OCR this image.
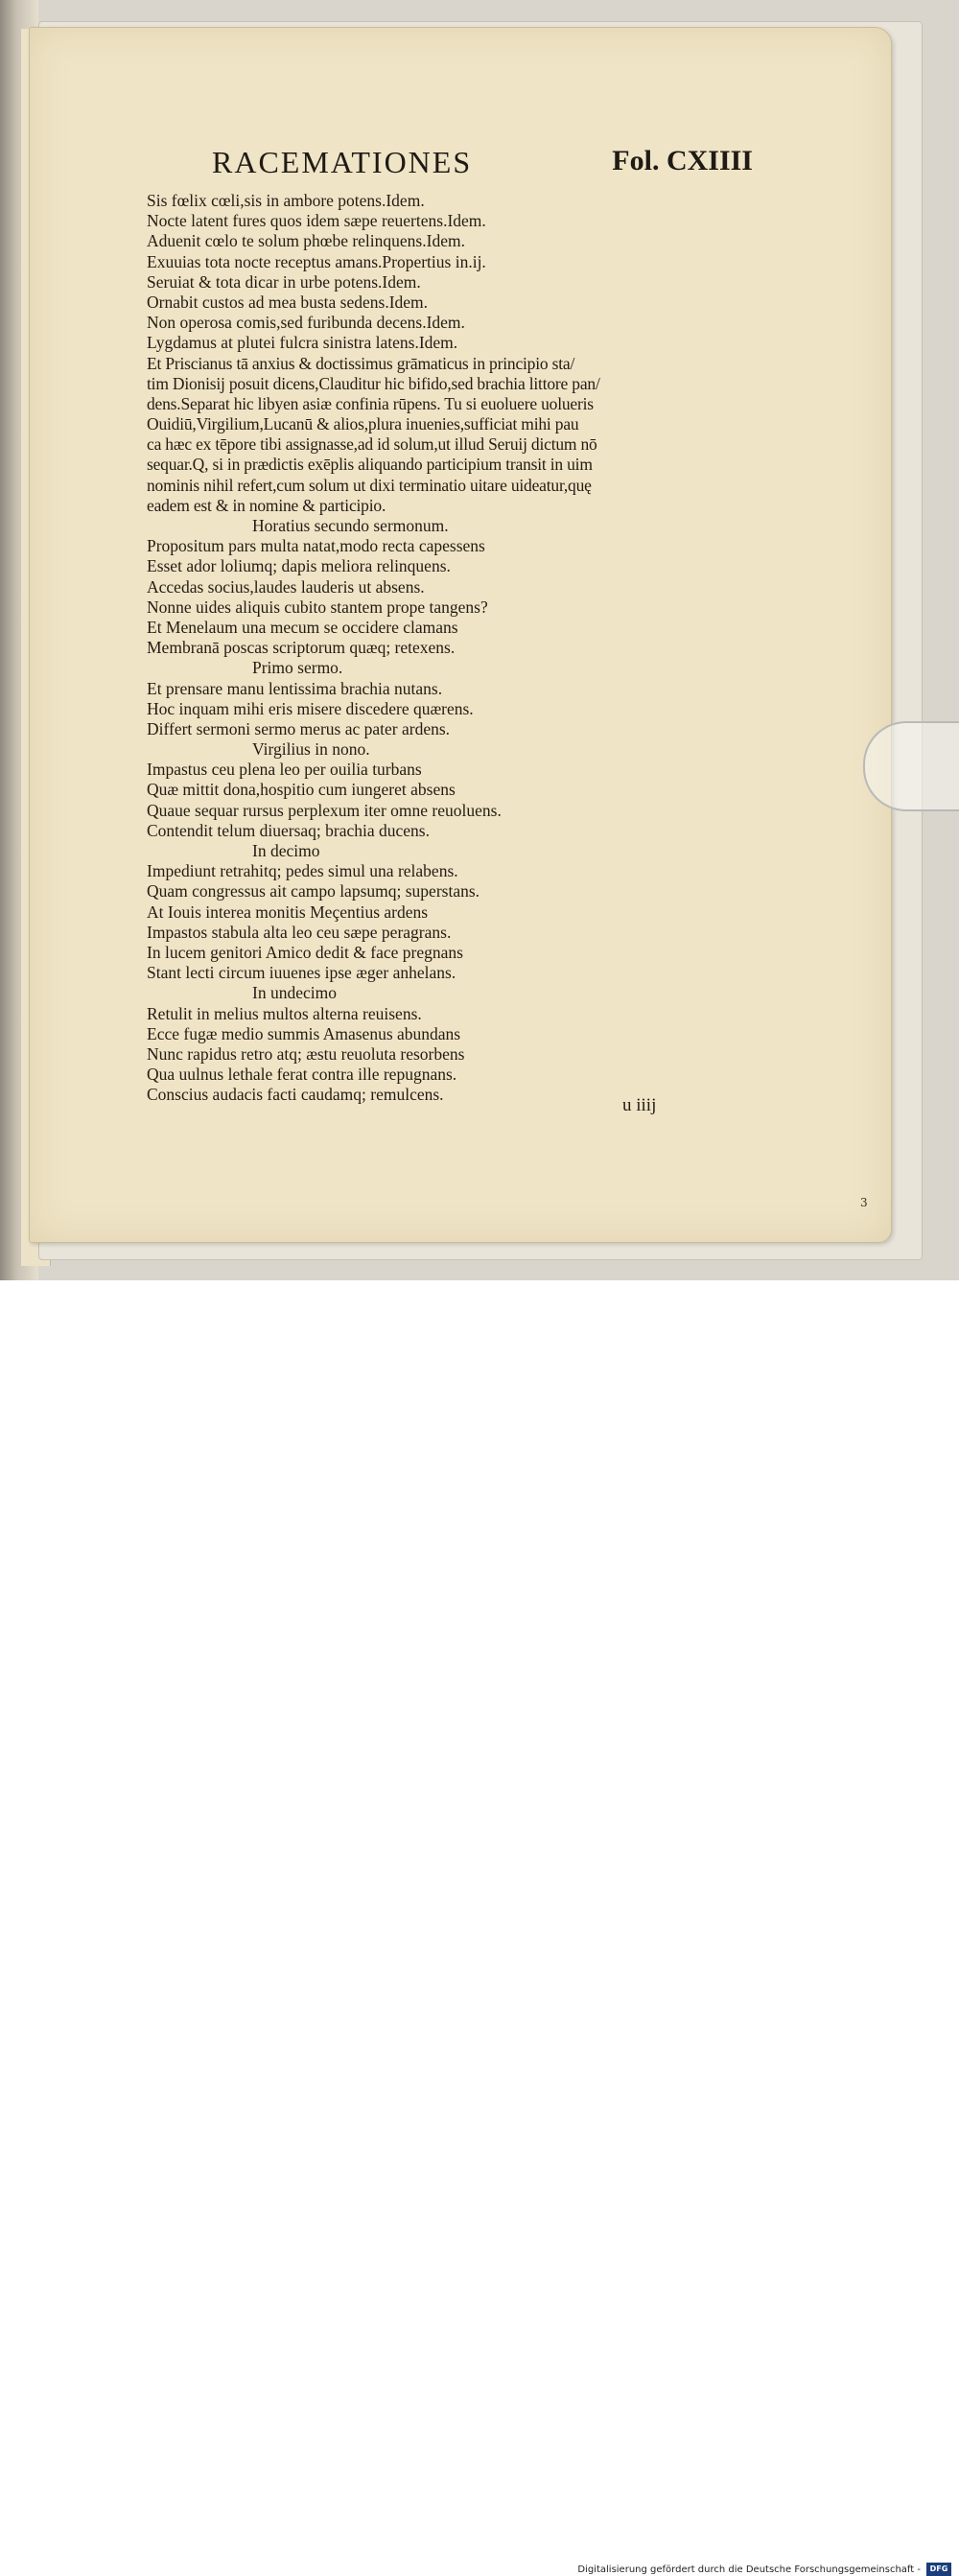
RACEMATIONES	Fol. CXIIII
Sis fœlix cœli,sis in ambore potens.Idem.
Nocte latent fures quos idem sæpe reuertens.Idem.
Aduenit cœlo te solum phœbe relinquens.Idem.
Exuuias tota nocte receptus amans.Propertius in.ij.
Seruiat & tota dicar in urbe potens.Idem.
Ornabit custos ad mea busta sedens.Idem.
Non operosa comis,sed furibunda decens.Idem.
Lygdamus at plutei fulcra sinistra latens.Idem.
Et Priscianus tā anxius & doctissimus grāmaticus in principio sta/
tim Dionisij posuit dicens,Clauditur hic bifido,sed brachia littore pan/
dens.Separat hic libyen asiæ confinia rūpens. Tu si euoluere uolueris
Ouidiū,Virgilium,Lucanū & alios,plura inuenies,sufficiat mihi pau
ca hæc ex tēpore tibi assignasse,ad id solum,ut illud Seruij dictum nō
sequar.Q, si in prædictis exēplis aliquando participium transit in uim
nominis nihil refert,cum solum ut dixi terminatio uitare uideatur,quę
eadem est & in nomine & participio.
Horatius secundo sermonum.
Propositum pars multa natat,modo recta capessens
Esset ador loliumq; dapis meliora relinquens.
Accedas socius,laudes lauderis ut absens.
Nonne uides aliquis cubito stantem prope tangens?
Et Menelaum una mecum se occidere clamans
Membranā poscas scriptorum quæq; retexens.
Primo sermo.
Et prensare manu lentissima brachia nutans.
Hoc inquam mihi eris misere discedere quærens.
Differt sermoni sermo merus ac pater ardens.
Virgilius in nono.
Impastus ceu plena leo per ouilia turbans
Quæ mittit dona,hospitio cum iungeret absens
Quaue sequar rursus perplexum iter omne reuoluens.
Contendit telum diuersaq; brachia ducens.
In decimo
Impediunt retrahitq; pedes simul una relabens.
Quam congressus ait campo lapsumq; superstans.
At Iouis interea monitis Meçentius ardens
Impastos stabula alta leo ceu sæpe peragrans.
In lucem genitori Amico dedit & face pregnans
Stant lecti circum iuuenes ipse æger anhelans.
In undecimo
Retulit in melius multos alterna reuisens.
Ecce fugæ medio summis Amasenus abundans
Nunc rapidus retro atq; æstu reuoluta resorbens
Qua uulnus lethale ferat contra ille repugnans.
Conscius audacis facti caudamq; remulcens.
u iiij
3
Digitalisierung gefördert durch die Deutsche Forschungsgemeinschaft -	DFG
